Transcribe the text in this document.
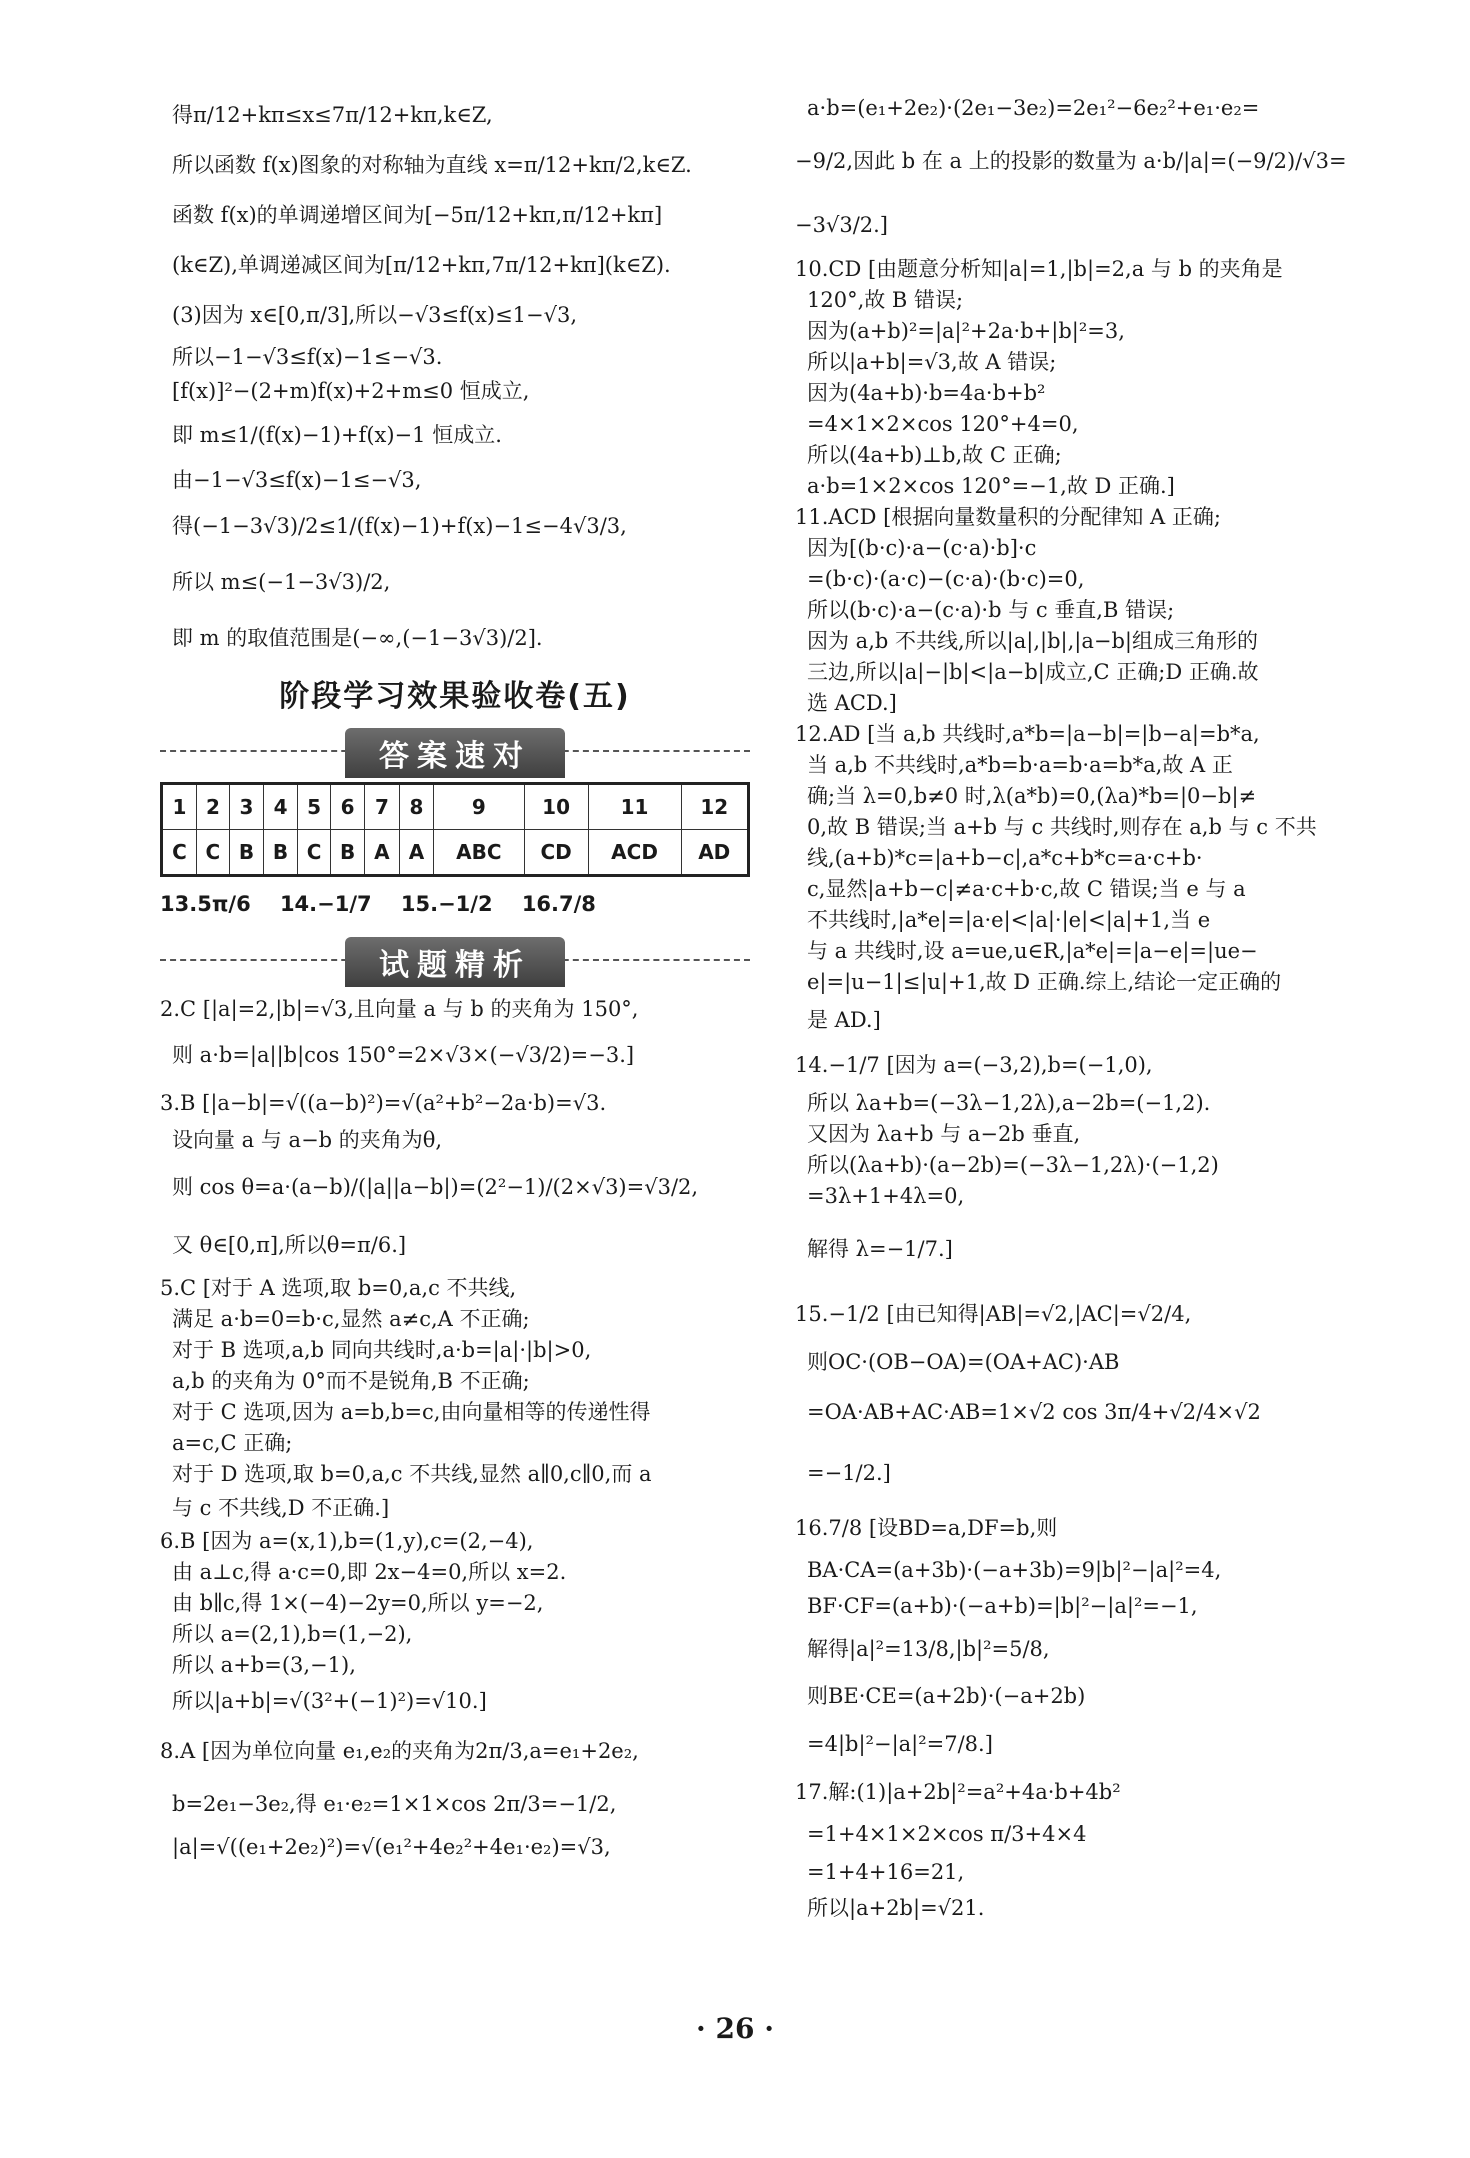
得π/12+kπ≤x≤7π/12+kπ,k∈Z,

所以函数 f(x)图象的对称轴为直线 x=π/12+kπ/2,k∈Z.

函数 f(x)的单调递增区间为[−5π/12+kπ,π/12+kπ]

(k∈Z),单调递减区间为[π/12+kπ,7π/12+kπ](k∈Z).

(3)因为 x∈[0,π/3],所以−√3≤f(x)≤1−√3,

所以−1−√3≤f(x)−1≤−√3.

[f(x)]²−(2+m)f(x)+2+m≤0 恒成立,

即 m≤1/(f(x)−1)+f(x)−1 恒成立.

由−1−√3≤f(x)−1≤−√3,

得(−1−3√3)/2≤1/(f(x)−1)+f(x)−1≤−4√3/3,

所以 m≤(−1−3√3)/2,

即 m 的取值范围是(−∞,(−1−3√3)/2].

阶段学习效果验收卷(五)
答案速对
1	2	3	4	5	6	7	8	9	10	11	12
C	C	B	B	C	B	A	A	ABC	CD	ACD	AD

13.5π/6    14.−1/7    15.−1/2    16.7/8

试题精析

2.C [|a|=2,|b|=√3,且向量 a 与 b 的夹角为 150°,

则 a·b=|a||b|cos 150°=2×√3×(−√3/2)=−3.]

3.B [|a−b|=√((a−b)²)=√(a²+b²−2a·b)=√3.

设向量 a 与 a−b 的夹角为θ,

则 cos θ=a·(a−b)/(|a||a−b|)=(2²−1)/(2×√3)=√3/2,

又 θ∈[0,π],所以θ=π/6.]

5.C [对于 A 选项,取 b=0,a,c 不共线,

满足 a·b=0=b·c,显然 a≠c,A 不正确;

对于 B 选项,a,b 同向共线时,a·b=|a|·|b|>0,

a,b 的夹角为 0°而不是锐角,B 不正确;

对于 C 选项,因为 a=b,b=c,由向量相等的传递性得

a=c,C 正确;

对于 D 选项,取 b=0,a,c 不共线,显然 a∥0,c∥0,而 a

与 c 不共线,D 不正确.]

6.B [因为 a=(x,1),b=(1,y),c=(2,−4),

由 a⊥c,得 a·c=0,即 2x−4=0,所以 x=2.

由 b∥c,得 1×(−4)−2y=0,所以 y=−2,

所以 a=(2,1),b=(1,−2),

所以 a+b=(3,−1),

所以|a+b|=√(3²+(−1)²)=√10.]

8.A [因为单位向量 e₁,e₂的夹角为2π/3,a=e₁+2e₂,

b=2e₁−3e₂,得 e₁·e₂=1×1×cos 2π/3=−1/2,

|a|=√((e₁+2e₂)²)=√(e₁²+4e₂²+4e₁·e₂)=√3,

a·b=(e₁+2e₂)·(2e₁−3e₂)=2e₁²−6e₂²+e₁·e₂=

−9/2,因此 b 在 a 上的投影的数量为 a·b/|a|=(−9/2)/√3=

−3√3/2.]

10.CD [由题意分析知|a|=1,|b|=2,a 与 b 的夹角是

120°,故 B 错误;

因为(a+b)²=|a|²+2a·b+|b|²=3,

所以|a+b|=√3,故 A 错误;

因为(4a+b)·b=4a·b+b²

=4×1×2×cos 120°+4=0,

所以(4a+b)⊥b,故 C 正确;

a·b=1×2×cos 120°=−1,故 D 正确.]

11.ACD [根据向量数量积的分配律知 A 正确;

因为[(b·c)·a−(c·a)·b]·c

=(b·c)·(a·c)−(c·a)·(b·c)=0,

所以(b·c)·a−(c·a)·b 与 c 垂直,B 错误;

因为 a,b 不共线,所以|a|,|b|,|a−b|组成三角形的

三边,所以|a|−|b|<|a−b|成立,C 正确;D 正确.故

选 ACD.]

12.AD [当 a,b 共线时,a*b=|a−b|=|b−a|=b*a,

当 a,b 不共线时,a*b=b·a=b·a=b*a,故 A 正

确;当 λ=0,b≠0 时,λ(a*b)=0,(λa)*b=|0−b|≠

0,故 B 错误;当 a+b 与 c 共线时,则存在 a,b 与 c 不共

线,(a+b)*c=|a+b−c|,a*c+b*c=a·c+b·

c,显然|a+b−c|≠a·c+b·c,故 C 错误;当 e 与 a

不共线时,|a*e|=|a·e|<|a|·|e|<|a|+1,当 e

与 a 共线时,设 a=ue,u∈R,|a*e|=|a−e|=|ue−

e|=|u−1|≤|u|+1,故 D 正确.综上,结论一定正确的

是 AD.]

14.−1/7 [因为 a=(−3,2),b=(−1,0),

所以 λa+b=(−3λ−1,2λ),a−2b=(−1,2).

又因为 λa+b 与 a−2b 垂直,

所以(λa+b)·(a−2b)=(−3λ−1,2λ)·(−1,2)

=3λ+1+4λ=0,

解得 λ=−1/7.]

15.−1/2 [由已知得|AB|=√2,|AC|=√2/4,

则OC·(OB−OA)=(OA+AC)·AB

=OA·AB+AC·AB=1×√2 cos 3π/4+√2/4×√2

=−1/2.]

16.7/8 [设BD=a,DF=b,则

BA·CA=(a+3b)·(−a+3b)=9|b|²−|a|²=4,

BF·CF=(a+b)·(−a+b)=|b|²−|a|²=−1,

解得|a|²=13/8,|b|²=5/8,

则BE·CE=(a+2b)·(−a+2b)

=4|b|²−|a|²=7/8.]

17.解:(1)|a+2b|²=a²+4a·b+4b²

=1+4×1×2×cos π/3+4×4

=1+4+16=21,

所以|a+2b|=√21.

· 26 ·
